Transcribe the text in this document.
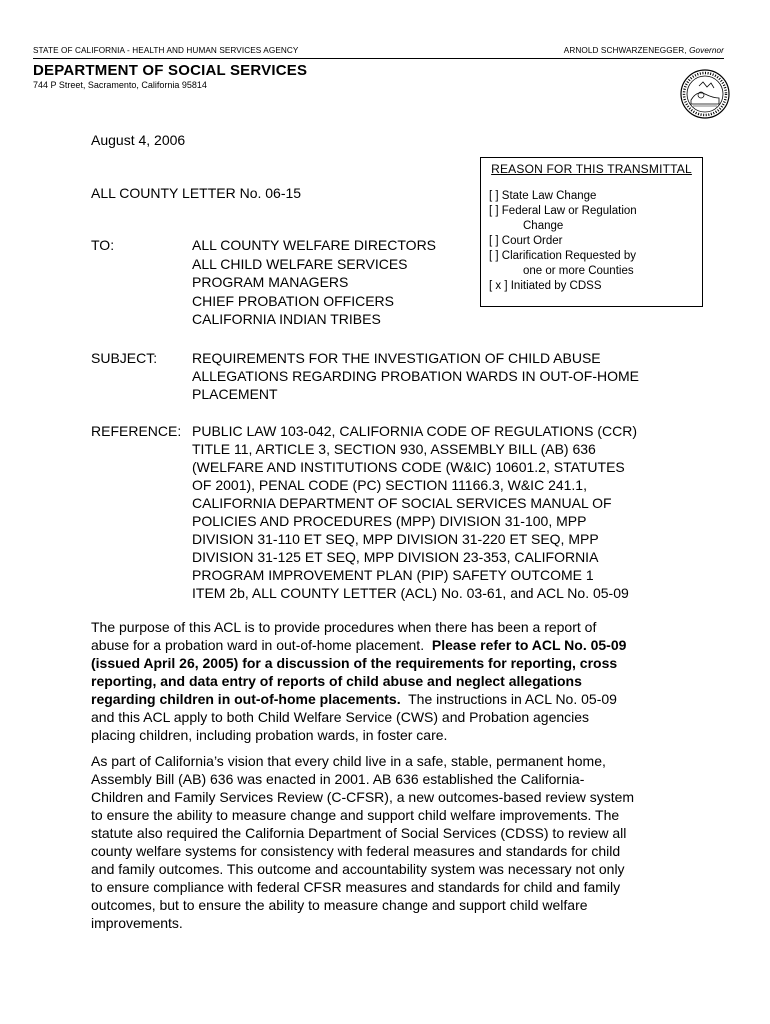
STATE OF CALIFORNIA - HEALTH AND HUMAN SERVICES AGENCY	ARNOLD SCHWARZENEGGER, Governor
DEPARTMENT OF SOCIAL SERVICES
744 P Street, Sacramento, California 95814
August 4, 2006
ALL COUNTY LETTER No. 06-15
REASON FOR THIS TRANSMITTAL
[ ] State Law Change
[ ] Federal Law or Regulation
Change
[ ] Court Order
[ ] Clarification Requested by
one or more Counties
[ x ] Initiated by CDSS
TO:	ALL COUNTY WELFARE DIRECTORS
ALL CHILD WELFARE SERVICES
PROGRAM MANAGERS
CHIEF PROBATION OFFICERS
CALIFORNIA INDIAN TRIBES
SUBJECT: REQUIREMENTS FOR THE INVESTIGATION OF CHILD ABUSE
ALLEGATIONS REGARDING PROBATION WARDS IN OUT-OF-HOME
PLACEMENT
REFERENCE: PUBLIC LAW 103-042, CALIFORNIA CODE OF REGULATIONS (CCR)
TITLE 11, ARTICLE 3, SECTION 930, ASSEMBLY BILL (AB) 636
(WELFARE AND INSTITUTIONS CODE (W&IC) 10601.2, STATUTES
OF 2001), PENAL CODE (PC) SECTION 11166.3, W&IC 241.1,
CALIFORNIA DEPARTMENT OF SOCIAL SERVICES MANUAL OF
POLICIES AND PROCEDURES (MPP) DIVISION 31-100, MPP
DIVISION 31-110 ET SEQ, MPP DIVISION 31-220 ET SEQ, MPP
DIVISION 31-125 ET SEQ, MPP DIVISION 23-353, CALIFORNIA
PROGRAM IMPROVEMENT PLAN (PIP) SAFETY OUTCOME 1
ITEM 2b, ALL COUNTY LETTER (ACL) No. 03-61, and ACL No. 05-09
The purpose of this ACL is to provide procedures when there has been a report of
abuse for a probation ward in out-of-home placement.  Please refer to ACL No. 05-09
(issued April 26, 2005) for a discussion of the requirements for reporting, cross
reporting, and data entry of reports of child abuse and neglect allegations
regarding children in out-of-home placements.  The instructions in ACL No. 05-09
and this ACL apply to both Child Welfare Service (CWS) and Probation agencies
placing children, including probation wards, in foster care.
As part of California’s vision that every child live in a safe, stable, permanent home,
Assembly Bill (AB) 636 was enacted in 2001. AB 636 established the California-
Children and Family Services Review (C-CFSR), a new outcomes-based review system
to ensure the ability to measure change and support child welfare improvements. The
statute also required the California Department of Social Services (CDSS) to review all
county welfare systems for consistency with federal measures and standards for child
and family outcomes. This outcome and accountability system was necessary not only
to ensure compliance with federal CFSR measures and standards for child and family
outcomes, but to ensure the ability to measure change and support child welfare
improvements.
